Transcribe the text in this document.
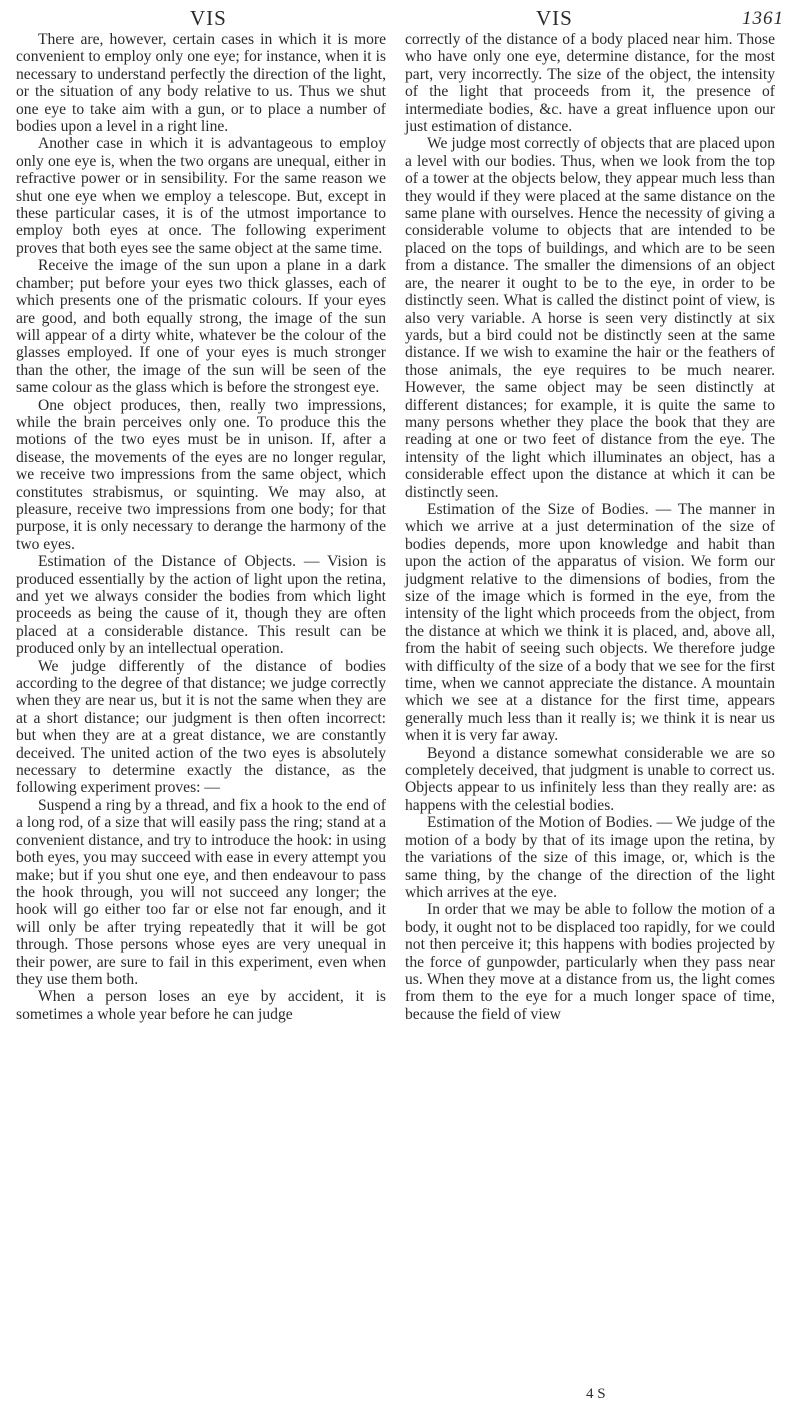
VIS	VIS	1361

There are, however, certain cases in which it is more convenient to employ only one eye; for instance, when it is necessary to understand perfectly the direction of the light, or the situation of any body relative to us. Thus we shut one eye to take aim with a gun, or to place a number of bodies upon a level in a right line.

Another case in which it is advantageous to employ only one eye is, when the two organs are unequal, either in refractive power or in sensibility. For the same reason we shut one eye when we employ a telescope. But, except in these particular cases, it is of the utmost importance to employ both eyes at once. The following experiment proves that both eyes see the same object at the same time.

Receive the image of the sun upon a plane in a dark chamber; put before your eyes two thick glasses, each of which presents one of the prismatic colours. If your eyes are good, and both equally strong, the image of the sun will appear of a dirty white, whatever be the colour of the glasses employed. If one of your eyes is much stronger than the other, the image of the sun will be seen of the same colour as the glass which is before the strongest eye.

One object produces, then, really two impressions, while the brain perceives only one. To produce this the motions of the two eyes must be in unison. If, after a disease, the movements of the eyes are no longer regular, we receive two impressions from the same object, which constitutes strabismus, or squinting. We may also, at pleasure, receive two impressions from one body; for that purpose, it is only necessary to derange the harmony of the two eyes.

Estimation of the Distance of Objects. — Vision is produced essentially by the action of light upon the retina, and yet we always consider the bodies from which light proceeds as being the cause of it, though they are often placed at a considerable distance. This result can be produced only by an intellectual operation.

We judge differently of the distance of bodies according to the degree of that distance; we judge correctly when they are near us, but it is not the same when they are at a short distance; our judgment is then often incorrect: but when they are at a great distance, we are constantly deceived. The united action of the two eyes is absolutely necessary to determine exactly the distance, as the following experiment proves: —

Suspend a ring by a thread, and fix a hook to the end of a long rod, of a size that will easily pass the ring; stand at a convenient distance, and try to introduce the hook: in using both eyes, you may succeed with ease in every attempt you make; but if you shut one eye, and then endeavour to pass the hook through, you will not succeed any longer; the hook will go either too far or else not far enough, and it will only be after trying repeatedly that it will be got through. Those persons whose eyes are very unequal in their power, are sure to fail in this experiment, even when they use them both.

When a person loses an eye by accident, it is sometimes a whole year before he can judge

correctly of the distance of a body placed near him. Those who have only one eye, determine distance, for the most part, very incorrectly. The size of the object, the intensity of the light that proceeds from it, the presence of intermediate bodies, &c. have a great influence upon our just estimation of distance.

We judge most correctly of objects that are placed upon a level with our bodies. Thus, when we look from the top of a tower at the objects below, they appear much less than they would if they were placed at the same distance on the same plane with ourselves. Hence the necessity of giving a considerable volume to objects that are intended to be placed on the tops of buildings, and which are to be seen from a distance. The smaller the dimensions of an object are, the nearer it ought to be to the eye, in order to be distinctly seen. What is called the distinct point of view, is also very variable. A horse is seen very distinctly at six yards, but a bird could not be distinctly seen at the same distance. If we wish to examine the hair or the feathers of those animals, the eye requires to be much nearer. However, the same object may be seen distinctly at different distances; for example, it is quite the same to many persons whether they place the book that they are reading at one or two feet of distance from the eye. The intensity of the light which illuminates an object, has a considerable effect upon the distance at which it can be distinctly seen.

Estimation of the Size of Bodies. — The manner in which we arrive at a just determination of the size of bodies depends, more upon knowledge and habit than upon the action of the apparatus of vision. We form our judgment relative to the dimensions of bodies, from the size of the image which is formed in the eye, from the intensity of the light which proceeds from the object, from the distance at which we think it is placed, and, above all, from the habit of seeing such objects. We therefore judge with difficulty of the size of a body that we see for the first time, when we cannot appreciate the distance. A mountain which we see at a distance for the first time, appears generally much less than it really is; we think it is near us when it is very far away.

Beyond a distance somewhat considerable we are so completely deceived, that judgment is unable to correct us. Objects appear to us infinitely less than they really are: as happens with the celestial bodies.

Estimation of the Motion of Bodies. — We judge of the motion of a body by that of its image upon the retina, by the variations of the size of this image, or, which is the same thing, by the change of the direction of the light which arrives at the eye.

In order that we may be able to follow the motion of a body, it ought not to be displaced too rapidly, for we could not then perceive it; this happens with bodies projected by the force of gunpowder, particularly when they pass near us. When they move at a distance from us, the light comes from them to the eye for a much longer space of time, because the field of view

4 S
